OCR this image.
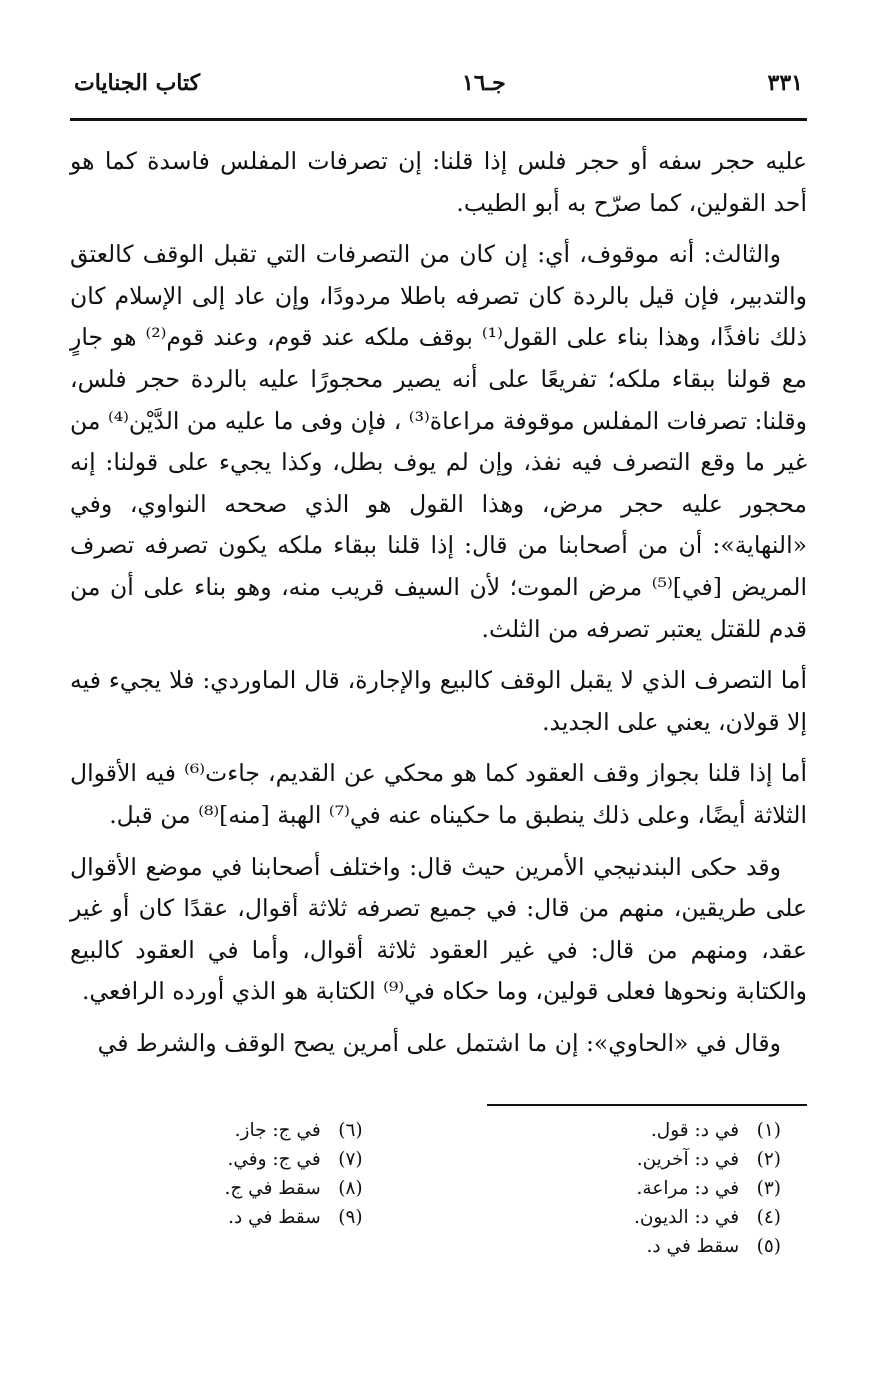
٣٣١
جـ١٦
كتاب الجنايات

عليه حجر سفه أو حجر فلس إذا قلنا: إن تصرفات المفلس فاسدة كما هو أحد القولين، كما صرّح به أبو الطيب.

والثالث: أنه موقوف، أي: إن كان من التصرفات التي تقبل الوقف كالعتق والتدبير، فإن قيل بالردة كان تصرفه باطلا مردودًا، وإن عاد إلى الإسلام كان ذلك نافذًا، وهذا بناء على القول⁽¹⁾ بوقف ملكه عند قوم، وعند قوم⁽²⁾ هو جارٍ مع قولنا ببقاء ملكه؛ تفريعًا على أنه يصير محجورًا عليه بالردة حجر فلس، وقلنا: تصرفات المفلس موقوفة مراعاة⁽³⁾ ، فإن وفى ما عليه من الدَّيْن⁽⁴⁾ من غير ما وقع التصرف فيه نفذ، وإن لم يوف بطل، وكذا يجيء على قولنا: إنه محجور عليه حجر مرض، وهذا القول هو الذي صححه النواوي، وفي «النهاية»: أن من أصحابنا من قال: إذا قلنا ببقاء ملكه يكون تصرفه تصرف المريض [في]⁽⁵⁾ مرض الموت؛ لأن السيف قريب منه، وهو بناء على أن من قدم للقتل يعتبر تصرفه من الثلث.

أما التصرف الذي لا يقبل الوقف كالبيع والإجارة، قال الماوردي: فلا يجيء فيه إلا قولان، يعني على الجديد.

أما إذا قلنا بجواز وقف العقود كما هو محكي عن القديم، جاءت⁽⁶⁾ فيه الأقوال الثلاثة أيضًا، وعلى ذلك ينطبق ما حكيناه عنه في⁽⁷⁾ الهبة [منه]⁽⁸⁾ من قبل.

وقد حكى البندنيجي الأمرين حيث قال: واختلف أصحابنا في موضع الأقوال على طريقين، منهم من قال: في جميع تصرفه ثلاثة أقوال، عقدًا كان أو غير عقد، ومنهم من قال: في غير العقود ثلاثة أقوال، وأما في العقود كالبيع والكتابة ونحوها فعلى قولين، وما حكاه في⁽⁹⁾ الكتابة هو الذي أورده الرافعي.

وقال في «الحاوي»: إن ما اشتمل على أمرين يصح الوقف والشرط في

(١) في د: قول.
(٢) في د: آخرين.
(٣) في د: مراعة.
(٤) في د: الديون.
(٥) سقط في د.
(٦) في ج: جاز.
(٧) في ج: وفي.
(٨) سقط في ج.
(٩) سقط في د.
